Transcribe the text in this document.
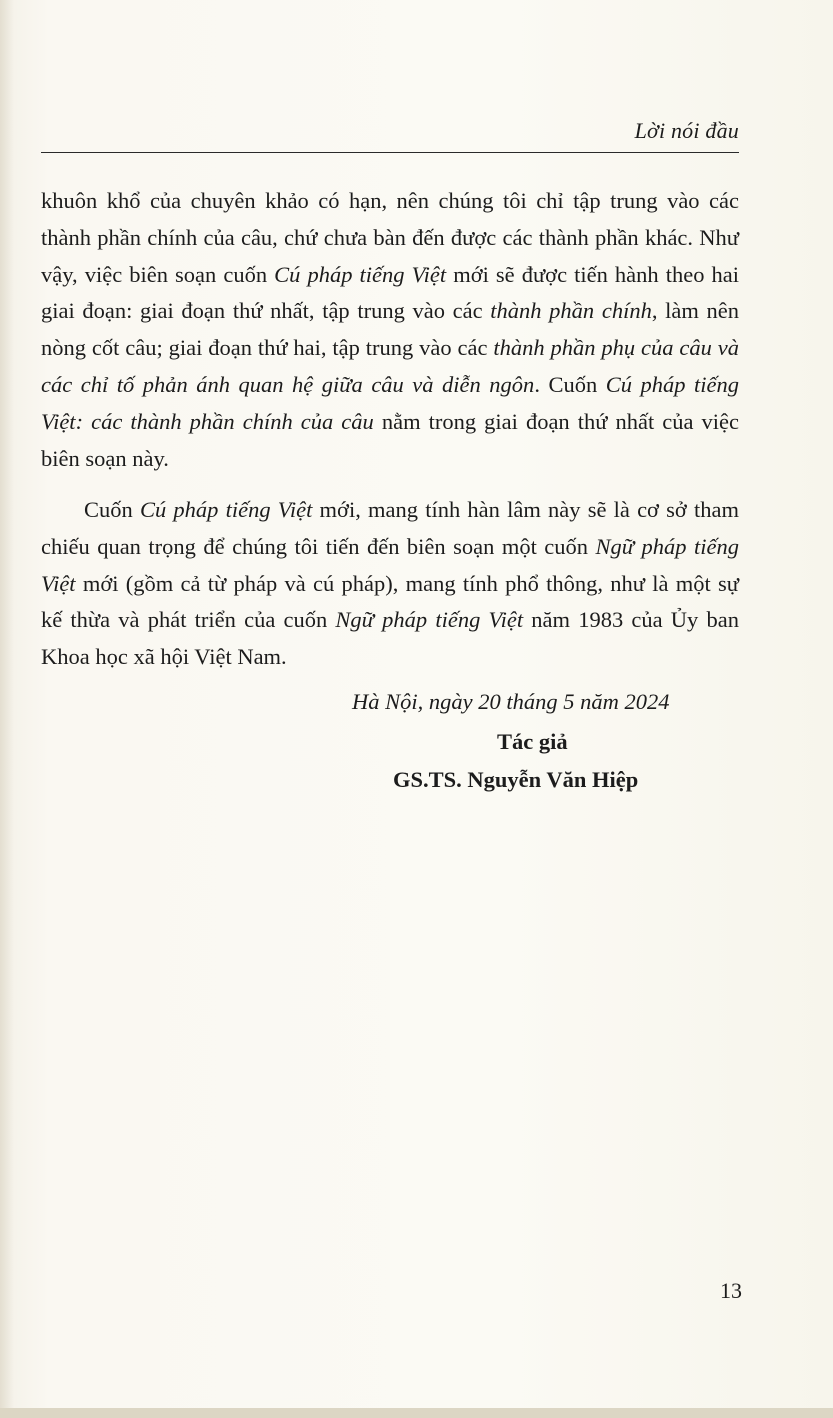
Lời nói đầu

khuôn khổ của chuyên khảo có hạn, nên chúng tôi chỉ tập trung vào các thành phần chính của câu, chứ chưa bàn đến được các thành phần khác. Như vậy, việc biên soạn cuốn Cú pháp tiếng Việt mới sẽ được tiến hành theo hai giai đoạn: giai đoạn thứ nhất, tập trung vào các thành phần chính, làm nên nòng cốt câu; giai đoạn thứ hai, tập trung vào các thành phần phụ của câu và các chỉ tố phản ánh quan hệ giữa câu và diễn ngôn. Cuốn Cú pháp tiếng Việt: các thành phần chính của câu nằm trong giai đoạn thứ nhất của việc biên soạn này.

Cuốn Cú pháp tiếng Việt mới, mang tính hàn lâm này sẽ là cơ sở tham chiếu quan trọng để chúng tôi tiến đến biên soạn một cuốn Ngữ pháp tiếng Việt mới (gồm cả từ pháp và cú pháp), mang tính phổ thông, như là một sự kế thừa và phát triển của cuốn Ngữ pháp tiếng Việt năm 1983 của Ủy ban Khoa học xã hội Việt Nam.

Hà Nội, ngày 20 tháng 5 năm 2024
Tác giả
GS.TS. Nguyễn Văn Hiệp
13
